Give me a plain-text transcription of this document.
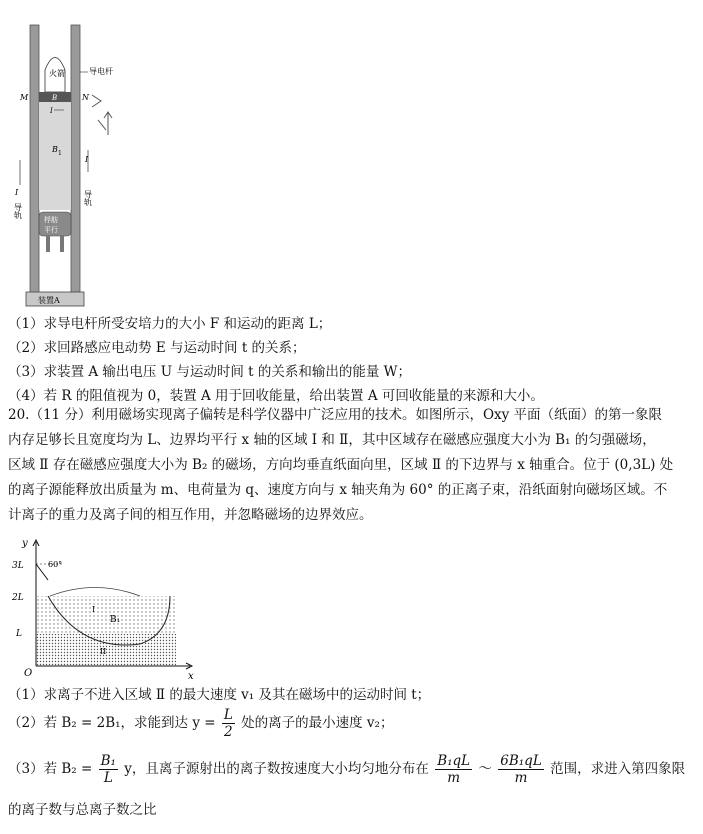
火箭
B
导电杆
M	N
I
B 1
I
I
导轨
导轨
桴舫
平行
装置A
（1）求导电杆所受安培力的大小 F 和运动的距离 L；
（2）求回路感应电动势 E 与运动时间 t 的关系；
（3）求装置 A 输出电压 U 与运动时间 t 的关系和输出的能量 W；
（4）若 R 的阻值视为 0，装置 A 用于回收能量，给出装置 A 可回收能量的来源和大小。

20.（11 分）利用磁场实现离子偏转是科学仪器中广泛应用的技术。如图所示，Oxy 平面（纸面）的第一象限

内存足够长且宽度均为 L、边界均平行 x 轴的区域 Ⅰ 和 Ⅱ，其中区域存在磁感应强度大小为 B₁ 的匀强磁场，

区域 Ⅱ 存在磁感应强度大小为 B₂ 的磁场，方向均垂直纸面向里，区域 Ⅱ 的下边界与 x 轴重合。位于 (0,3L) 处

的离子源能释放出质量为 m、电荷量为 q、速度方向与 x 轴夹角为 60° 的正离子束，沿纸面射向磁场区域。不

计离子的重力及离子间的相互作用，并忽略磁场的边界效应。

y
x
O
3L
2L
L
60°
I
B₁
II
（1）求离子不进入区域 Ⅱ 的最大速度 v₁ 及其在磁场中的运动时间 t；
（2）若 B₂ = 2B₁，求能到达 $y = \frac{L}{2}$ 处的离子的最小速度 v₂；
（3）若 $B_2 = \frac{\text{B₁}}{L}$ y，且离子源射出的离子数按速度大小均匀地分布在 $\frac{\text{B₁qL}}{m}$ ～ $\frac{\text{6B₁qL}}{m}$ 范围，求进入第四象限
的离子数与总离子数之比
